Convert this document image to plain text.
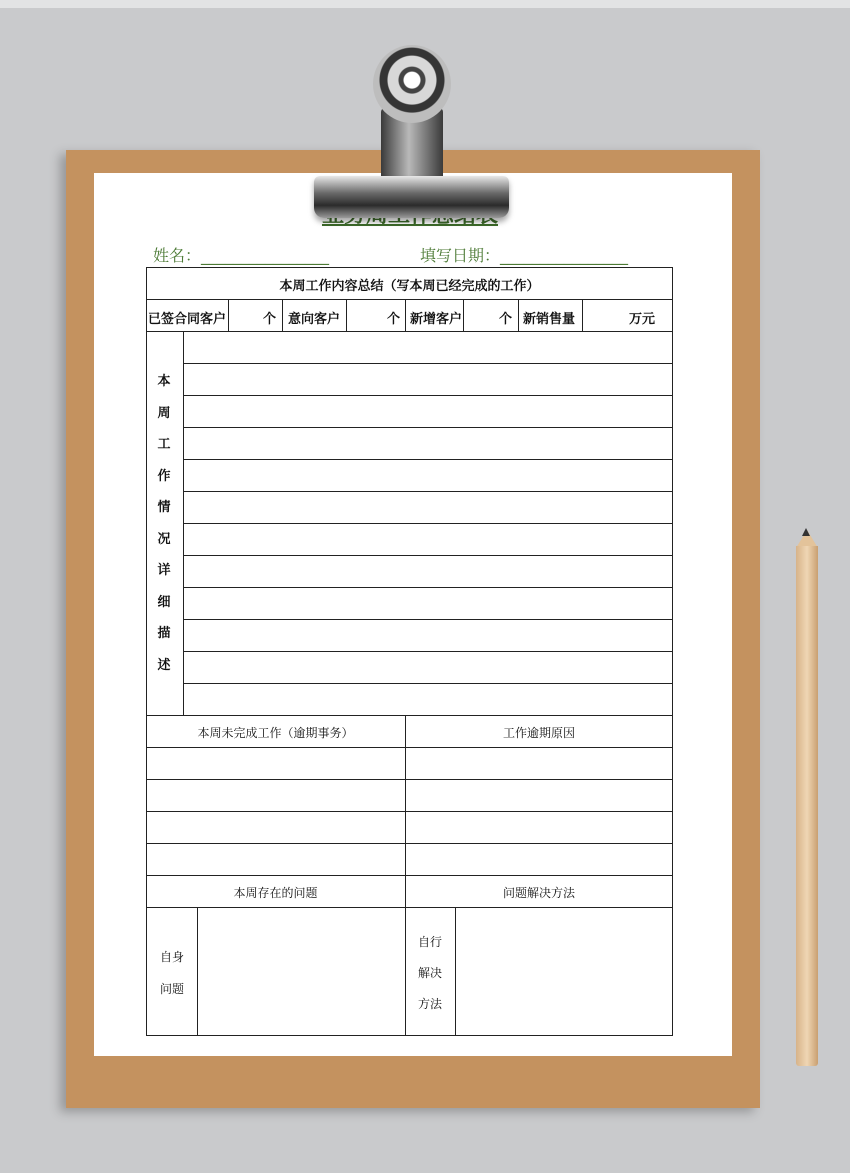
姓名：________________	填写日期：________________
本周工作内容总结（写本周已经完成的工作）
已签合同客户	个 意向客户	个 新增客户	个 新销售量	万元
本
周
工
作
情
况
详
细
描
述
本周未完成工作（逾期事务）	工作逾期原因
本周存在的问题	问题解决方法
自身
问题
自行
解决
方法
